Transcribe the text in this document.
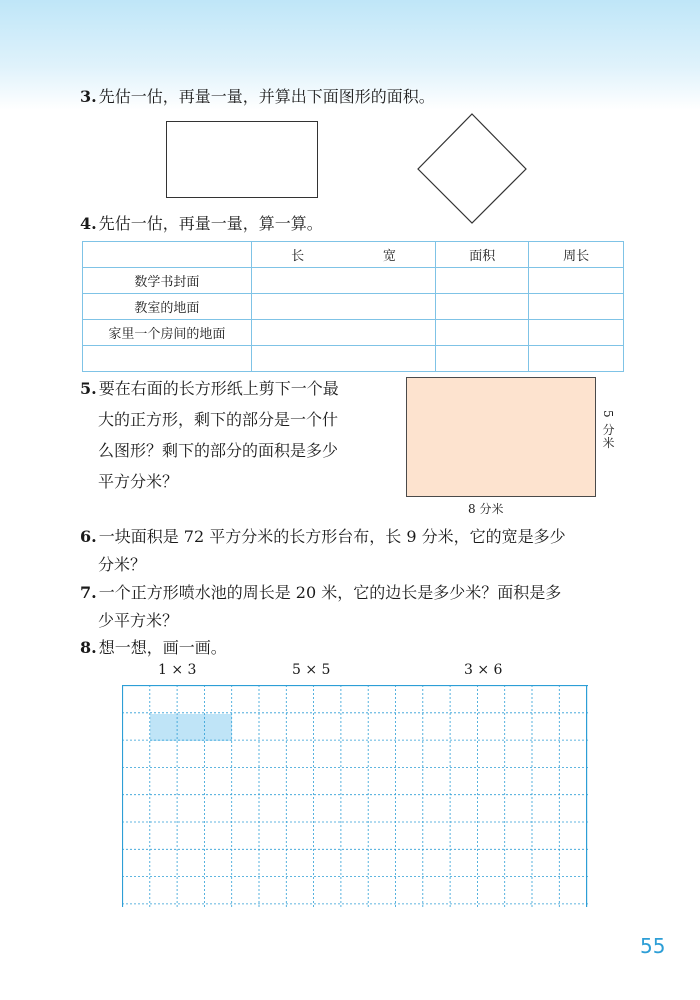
3. 先估一估，再量一量，并算出下面图形的面积。
4. 先估一估，再量一量，算一算。

	长 宽	面积	周长
数学书封面			
教室的地面			
家里一个房间的地面			

5. 要在右面的长方形纸上剪下一个最
大的正方形，剩下的部分是一个什
么图形？剩下的部分的面积是多少
平方分米？
8 分米
5 分米
6. 一块面积是 72 平方分米的长方形台布，长 9 分米，它的宽是多少
分米？
7. 一个正方形喷水池的周长是 20 米，它的边长是多少米？面积是多
少平方米？
8. 想一想，画一画。
1 × 3	5 × 5	3 × 6
55
